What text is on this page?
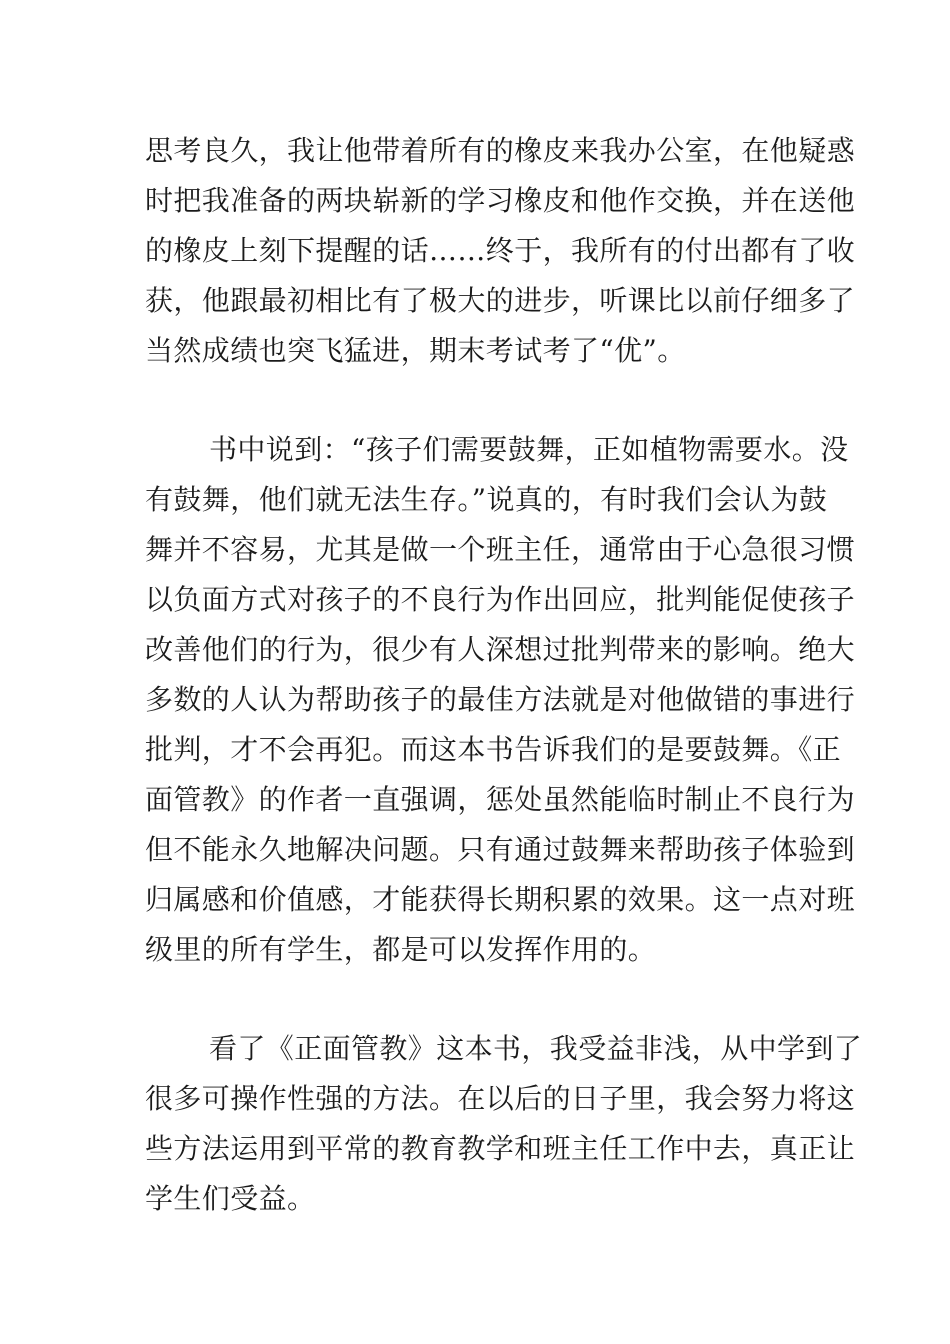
思考良久，我让他带着所有的橡皮来我办公室，在他疑惑
时把我准备的两块崭新的学习橡皮和他作交换，并在送他
的橡皮上刻下提醒的话……终于，我所有的付出都有了收
获，他跟最初相比有了极大的进步，听课比以前仔细多了
当然成绩也突飞猛进，期末考试考了“优”。
书中说到：“孩子们需要鼓舞，正如植物需要水。没
有鼓舞，他们就无法生存。”说真的，有时我们会认为鼓
舞并不容易，尤其是做一个班主任，通常由于心急很习惯
以负面方式对孩子的不良行为作出回应，批判能促使孩子
改善他们的行为，很少有人深想过批判带来的影响。绝大
多数的人认为帮助孩子的最佳方法就是对他做错的事进行
批判，才不会再犯。而这本书告诉我们的是要鼓舞。《正
面管教》的作者一直强调，惩处虽然能临时制止不良行为
但不能永久地解决问题。只有通过鼓舞来帮助孩子体验到
归属感和价值感，才能获得长期积累的效果。这一点对班
级里的所有学生，都是可以发挥作用的。
看了《正面管教》这本书，我受益非浅，从中学到了
很多可操作性强的方法。在以后的日子里，我会努力将这
些方法运用到平常的教育教学和班主任工作中去，真正让
学生们受益。
